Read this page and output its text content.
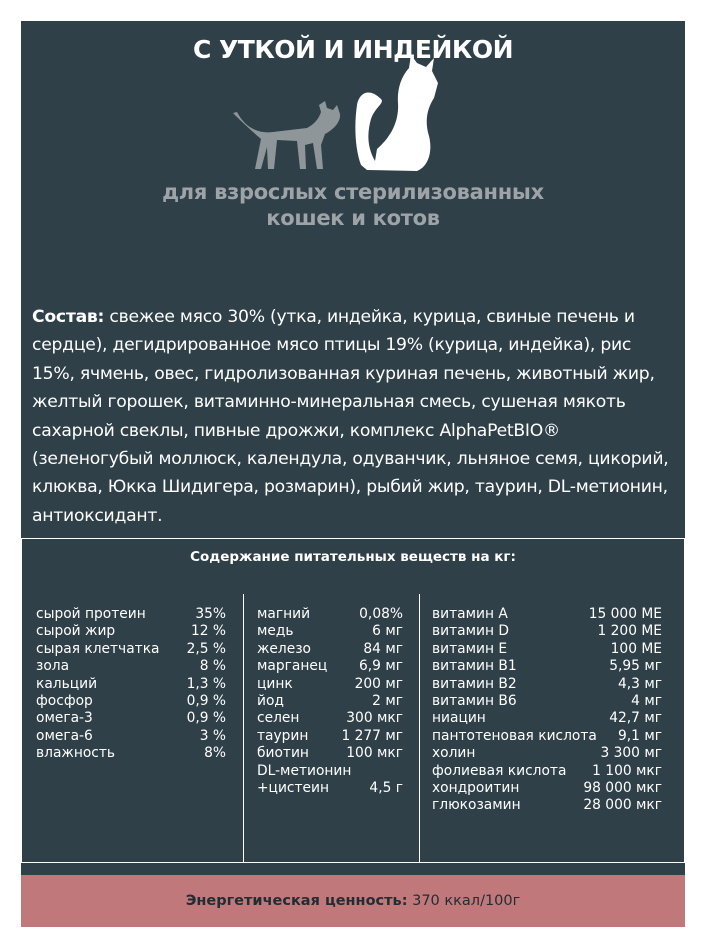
С УТКОЙ И ИНДЕЙКОЙ
для взрослых стерилизованных
кошек и котов
Состав: свежее мясо 30% (утка, индейка, курица, свиные печень и сердце), дегидрированное мясо птицы 19% (курица, индейка), рис 15%, ячмень, овес, гидролизованная куриная печень, животный жир, желтый горошек, витаминно-минеральная смесь, сушеная мякоть сахарной свеклы, пивные дрожжи, комплекс AlphaPetBIO® (зеленогубый моллюск, календула, одуванчик, льняное семя, цикорий, клюква, Юкка Шидигера, розмарин), рыбий жир, таурин, DL-метионин, антиоксидант.
Содержание питательных веществ на кг:
сырой протеин	35%
сырой жир	12 %
сырая клетчатка 2,5 %
зола	8 %
кальций	1,3 %
фосфор	0,9 %
омега-3	0,9 %
омега-6	3 %
влажность	8%
магний	0,08%
медь	6 мг
железо	84 мг
марганец 6,9 мг
цинк	200 мг
йод	2 мг
селен	300 мкг
таурин 1 277 мг
биотин	100 мкг
DL-метионин
+цистеин	4,5 г
витамин А	15 000 МЕ
витамин D	1 200 МЕ
витамин Е	100 МЕ
витамин В1	5,95 мг
витамин В2	4,3 мг
витамин В6	4 мг
ниацин	42,7 мг
пантотеновая кислота 9,1 мг
холин	3 300 мг
фолиевая кислота 1 100 мкг
хондроитин	98 000 мкг
глюкозамин	28 000 мкг
Энергетическая ценность: 370 ккал/100г
